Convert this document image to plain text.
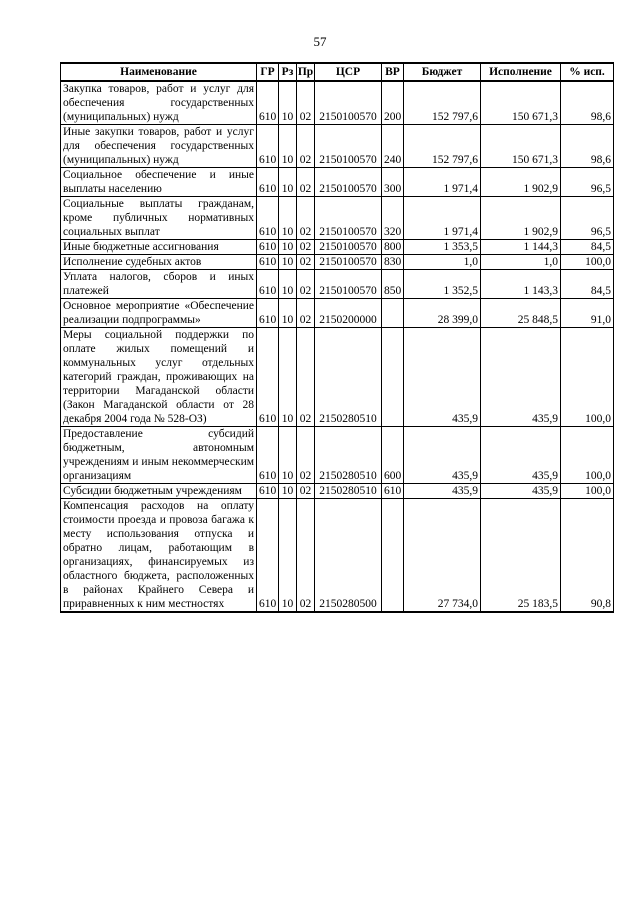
57
Наименование	ГР	Рз	Пр	ЦСР	ВР	Бюджет	Исполнение	% исп.
Закупка товаров, работ и услуг для обеспечения государственных (муниципальных) нужд	610	10	02	2150100570	200	152 797,6	150 671,3	98,6
Иные закупки товаров, работ и услуг для обеспечения государственных (муниципальных) нужд	610	10	02	2150100570	240	152 797,6	150 671,3	98,6
Социальное обеспечение и иные выплаты населению	610	10	02	2150100570	300	1 971,4	1 902,9	96,5
Социальные выплаты гражданам, кроме публичных нормативных социальных выплат	610	10	02	2150100570	320	1 971,4	1 902,9	96,5
Иные бюджетные ассигнования	610	10	02	2150100570	800	1 353,5	1 144,3	84,5
Исполнение судебных актов	610	10	02	2150100570	830	1,0	1,0	100,0
Уплата налогов, сборов и иных платежей	610	10	02	2150100570	850	1 352,5	1 143,3	84,5
Основное мероприятие «Обеспечение реализации подпрограммы»	610	10	02	2150200000		28 399,0	25 848,5	91,0
Меры социальной поддержки по оплате жилых помещений и коммунальных услуг отдельных категорий граждан, проживающих на территории Магаданской области (Закон Магаданской области от 28 декабря 2004 года № 528-ОЗ)	610	10	02	2150280510		435,9	435,9	100,0
Предоставление субсидий бюджетным, автономным учреждениям и иным некоммерческим организациям	610	10	02	2150280510	600	435,9	435,9	100,0
Субсидии бюджетным учреждениям	610	10	02	2150280510	610	435,9	435,9	100,0
Компенсация расходов на оплату стоимости проезда и провоза багажа к месту использования отпуска и обратно лицам, работающим в организациях, финансируемых из областного бюджета, расположенных в районах Крайнего Севера и приравненных к ним местностях	610	10	02	2150280500		27 734,0	25 183,5	90,8
